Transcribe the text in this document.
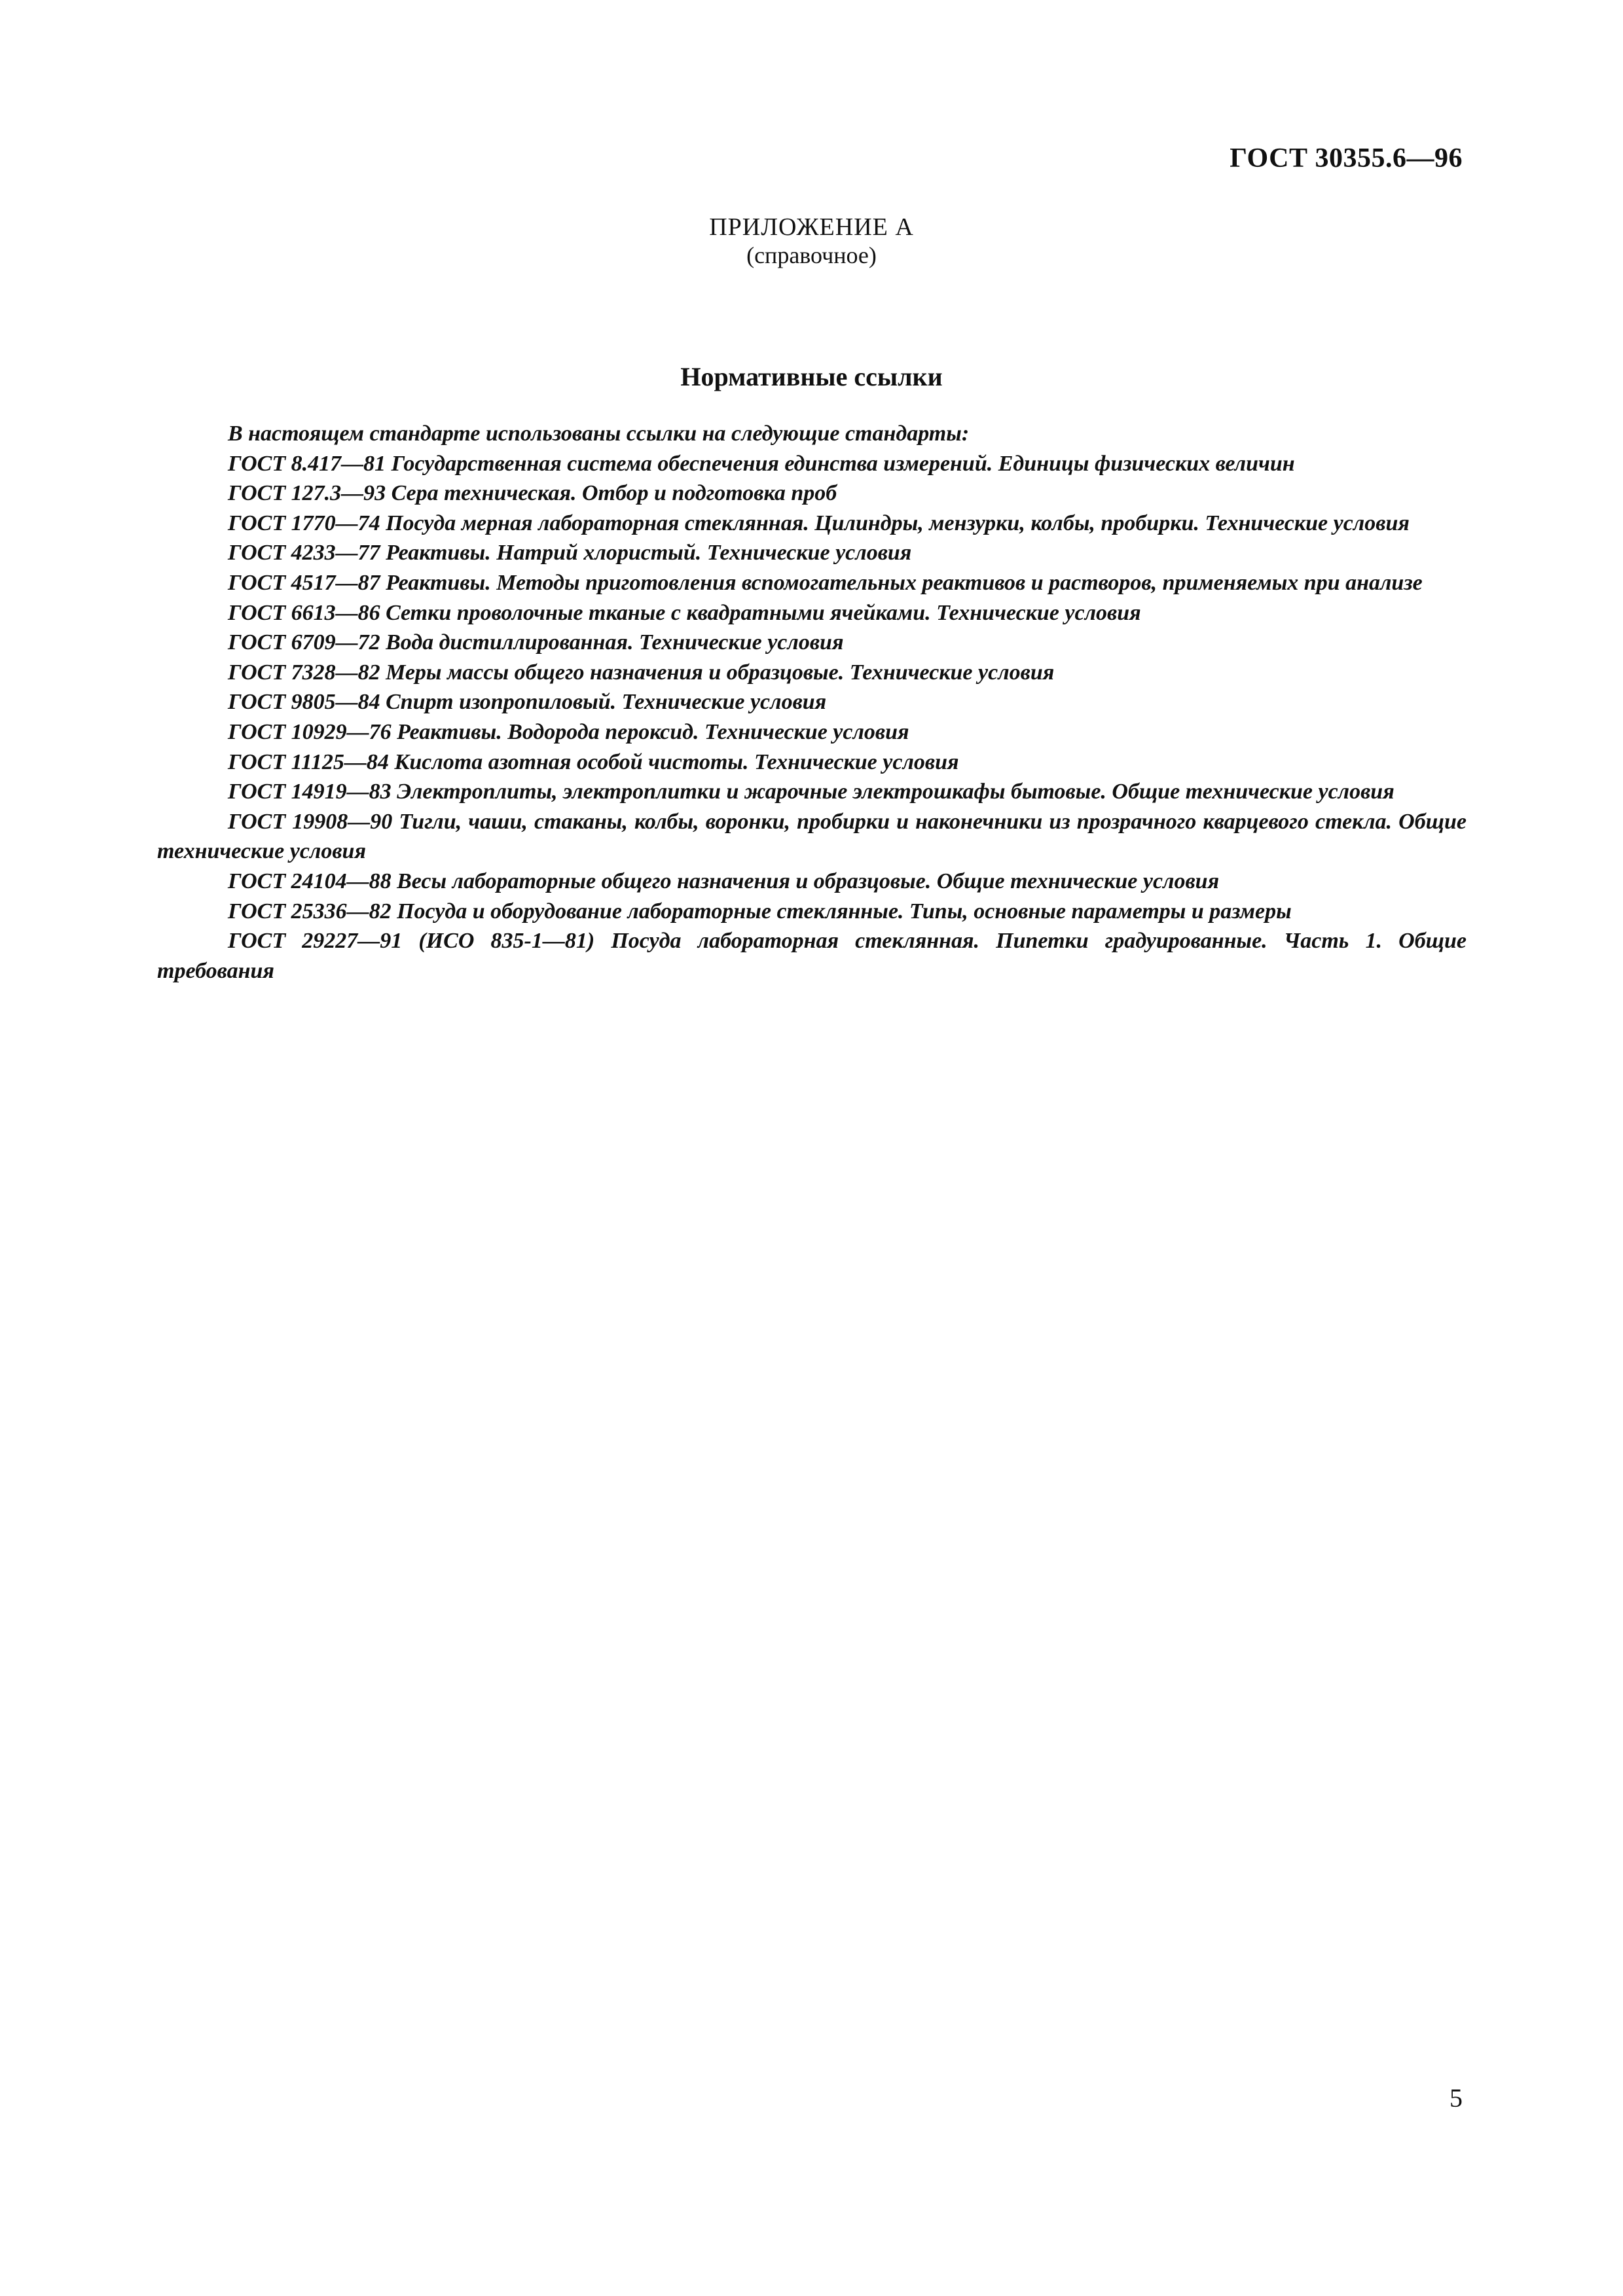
ГОСТ 30355.6—96
ПРИЛОЖЕНИЕ А
(справочное)
Нормативные ссылки

В настоящем стандарте использованы ссылки на следующие стандарты:

ГОСТ 8.417—81 Государственная система обеспечения единства измерений. Единицы физических величин

ГОСТ 127.3—93 Сера техническая. Отбор и подготовка проб

ГОСТ 1770—74 Посуда мерная лабораторная стеклянная. Цилиндры, мензурки, колбы, пробирки. Технические условия

ГОСТ 4233—77 Реактивы. Натрий хлористый. Технические условия

ГОСТ 4517—87 Реактивы. Методы приготовления вспомогательных реактивов и растворов, применяемых при анализе

ГОСТ 6613—86 Сетки проволочные тканые с квадратными ячейками. Технические условия

ГОСТ 6709—72 Вода дистиллированная. Технические условия

ГОСТ 7328—82 Меры массы общего назначения и образцовые. Технические условия

ГОСТ 9805—84 Спирт изопропиловый. Технические условия

ГОСТ 10929—76 Реактивы. Водорода пероксид. Технические условия

ГОСТ 11125—84 Кислота азотная особой чистоты. Технические условия

ГОСТ 14919—83 Электроплиты, электроплитки и жарочные электрошкафы бытовые. Общие технические условия

ГОСТ 19908—90 Тигли, чаши, стаканы, колбы, воронки, пробирки и наконечники из прозрачного кварцевого стекла. Общие технические условия

ГОСТ 24104—88 Весы лабораторные общего назначения и образцовые. Общие технические условия

ГОСТ 25336—82 Посуда и оборудование лабораторные стеклянные. Типы, основные параметры и размеры

ГОСТ 29227—91 (ИСО 835-1—81) Посуда лабораторная стеклянная. Пипетки градуированные. Часть 1. Общие требования

5
